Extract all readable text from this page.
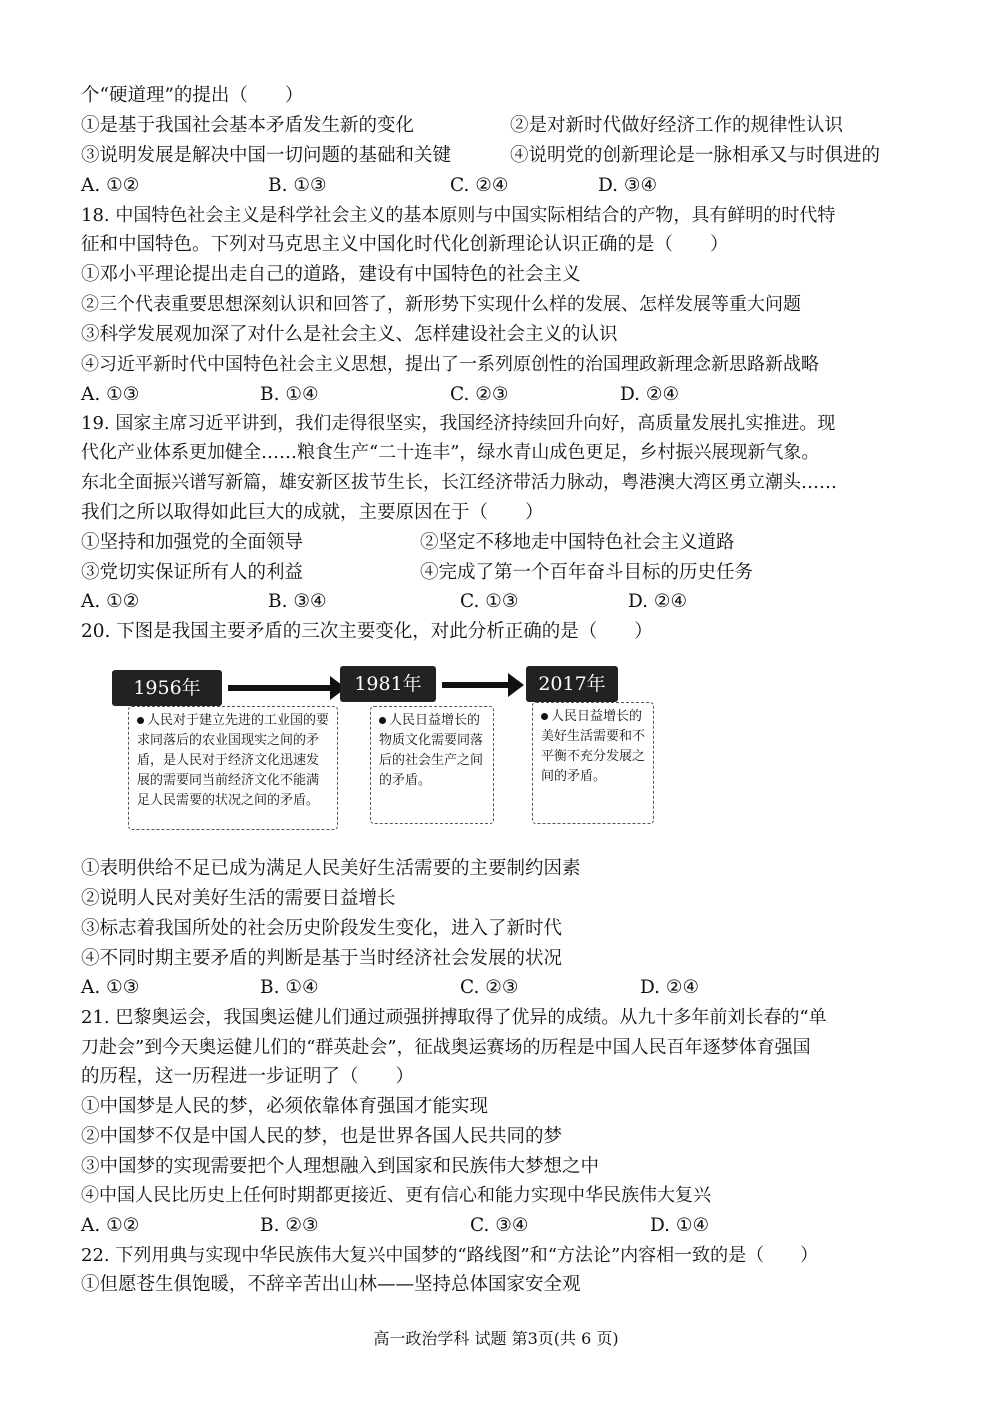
个“硬道理”的提出（　　）
①是基于我国社会基本矛盾发生新的变化	②是对新时代做好经济工作的规律性认识
③说明发展是解决中国一切问题的基础和关键	④说明党的创新理论是一脉相承又与时俱进的
A. ①②	B. ①③	C. ②④	D. ③④
18. 中国特色社会主义是科学社会主义的基本原则与中国实际相结合的产物，具有鲜明的时代特
征和中国特色。下列对马克思主义中国化时代化创新理论认识正确的是（　　）
①邓小平理论提出走自己的道路，建设有中国特色的社会主义
②三个代表重要思想深刻认识和回答了，新形势下实现什么样的发展、怎样发展等重大问题
③科学发展观加深了对什么是社会主义、怎样建设社会主义的认识
④习近平新时代中国特色社会主义思想，提出了一系列原创性的治国理政新理念新思路新战略
A. ①③	B. ①④	C. ②③	D. ②④
19. 国家主席习近平讲到，我们走得很坚实，我国经济持续回升向好，高质量发展扎实推进。现
代化产业体系更加健全……粮食生产“二十连丰”，绿水青山成色更足，乡村振兴展现新气象。
东北全面振兴谱写新篇，雄安新区拔节生长，长江经济带活力脉动，粤港澳大湾区勇立潮头……
我们之所以取得如此巨大的成就，主要原因在于（　　）
①坚持和加强党的全面领导	②坚定不移地走中国特色社会主义道路
③党切实保证所有人的利益	④完成了第一个百年奋斗目标的历史任务
A. ①②	B. ③④	C. ①③	D. ②④
20. 下图是我国主要矛盾的三次主要变化，对此分析正确的是（　　）
1956年	1981年	2017年
人民对于建立先进的工业国的要求同落后的农业国现实之间的矛盾，是人民对于经济文化迅速发展的需要同当前经济文化不能满足人民需要的状况之间的矛盾。
人民日益增长的物质文化需要同落后的社会生产之间的矛盾。
人民日益增长的美好生活需要和不平衡不充分发展之间的矛盾。
①表明供给不足已成为满足人民美好生活需要的主要制约因素
②说明人民对美好生活的需要日益增长
③标志着我国所处的社会历史阶段发生变化，进入了新时代
④不同时期主要矛盾的判断是基于当时经济社会发展的状况
A. ①③	B. ①④	C. ②③	D. ②④
21. 巴黎奥运会，我国奥运健儿们通过顽强拼搏取得了优异的成绩。从九十多年前刘长春的“单
刀赴会”到今天奥运健儿们的“群英赴会”，征战奥运赛场的历程是中国人民百年逐梦体育强国
的历程，这一历程进一步证明了（　　）
①中国梦是人民的梦，必须依靠体育强国才能实现
②中国梦不仅是中国人民的梦，也是世界各国人民共同的梦
③中国梦的实现需要把个人理想融入到国家和民族伟大梦想之中
④中国人民比历史上任何时期都更接近、更有信心和能力实现中华民族伟大复兴
A. ①②	B. ②③	C. ③④	D. ①④
22. 下列用典与实现中华民族伟大复兴中国梦的“路线图”和“方法论”内容相一致的是（　　）
①但愿苍生俱饱暖，不辞辛苦出山林——坚持总体国家安全观
高一政治学科 试题 第3页(共 6 页)
